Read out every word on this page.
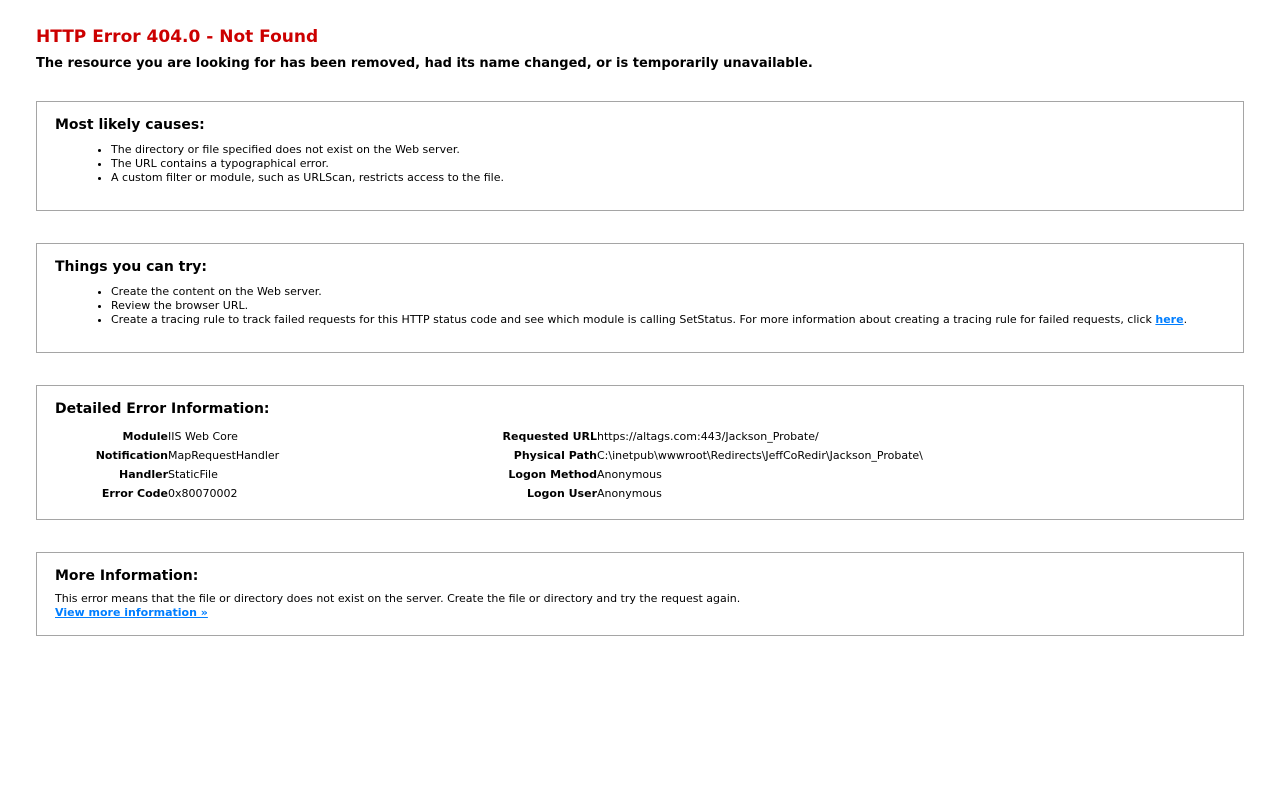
HTTP Error 404.0 - Not Found
The resource you are looking for has been removed, had its name changed, or is temporarily unavailable.
Most likely causes:
• The directory or file specified does not exist on the Web server.
• The URL contains a typographical error.
• A custom filter or module, such as URLScan, restricts access to the file.
Things you can try:
• Create the content on the Web server.
• Review the browser URL.
• Create a tracing rule to track failed requests for this HTTP status code and see which module is calling SetStatus. For more information about creating a tracing rule for failed requests, click here.
Detailed Error Information:
Module	IIS Web Core	Requested URL	https://altags.com:443/Jackson_Probate/
Notification	MapRequestHandler	Physical Path	C:\inetpub\wwwroot\Redirects\JeffCoRedir\Jackson_Probate\
Handler	StaticFile	Logon Method	Anonymous
Error Code	0x80070002	Logon User	Anonymous
More Information:
This error means that the file or directory does not exist on the server. Create the file or directory and try the request again.
View more information »
